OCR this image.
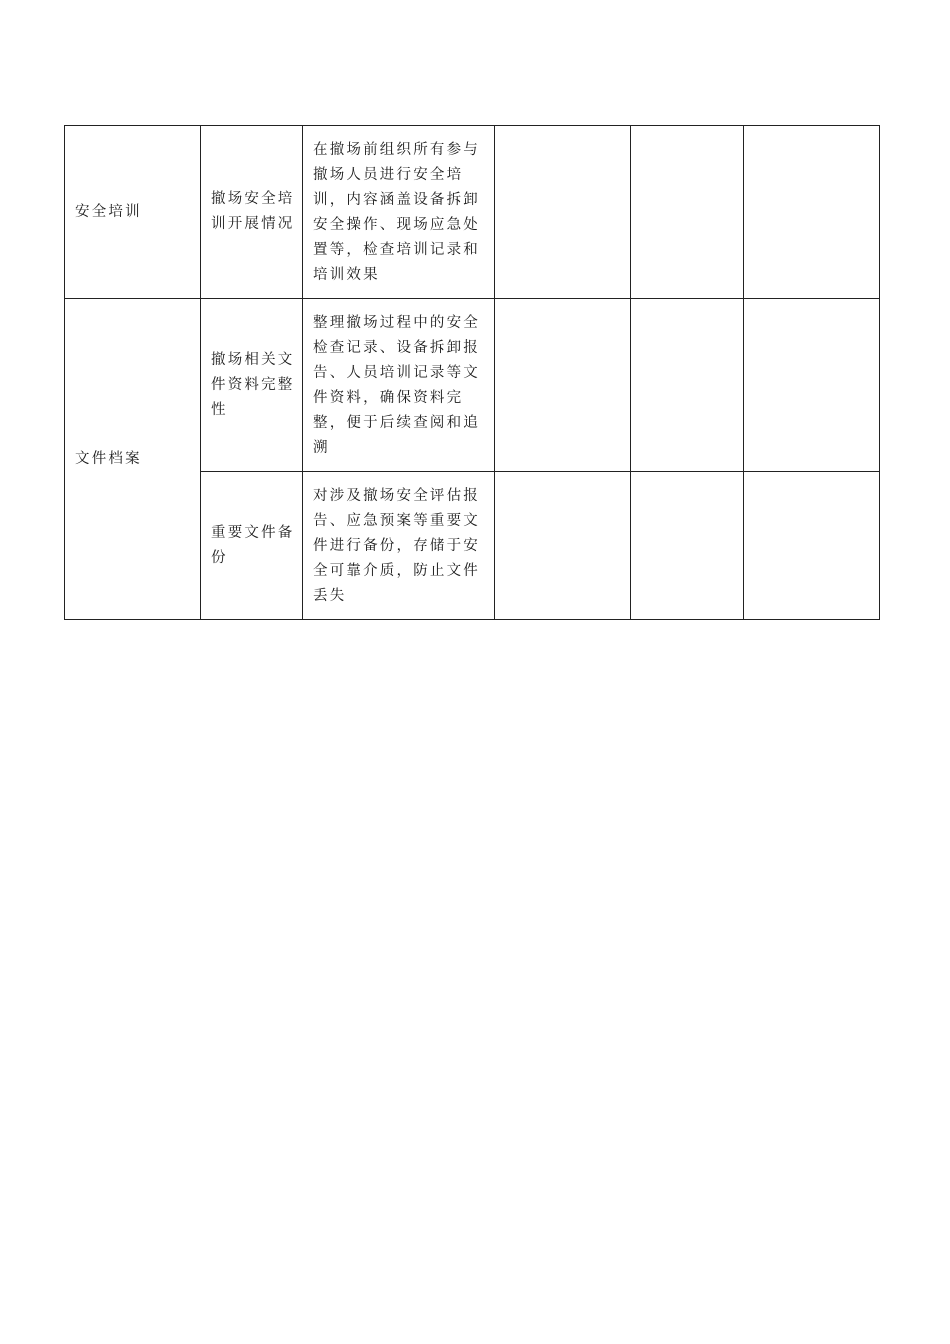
安全培训	撤场安全培训开展情况	在撤场前组织所有参与撤场人员进行安全培训，内容涵盖设备拆卸安全操作、现场应急处置等，检查培训记录和培训效果			
文件档案	撤场相关文件资料完整性	整理撤场过程中的安全检查记录、设备拆卸报告、人员培训记录等文件资料，确保资料完整，便于后续查阅和追溯			
	重要文件备份	对涉及撤场安全评估报告、应急预案等重要文件进行备份，存储于安全可靠介质，防止文件丢失			
